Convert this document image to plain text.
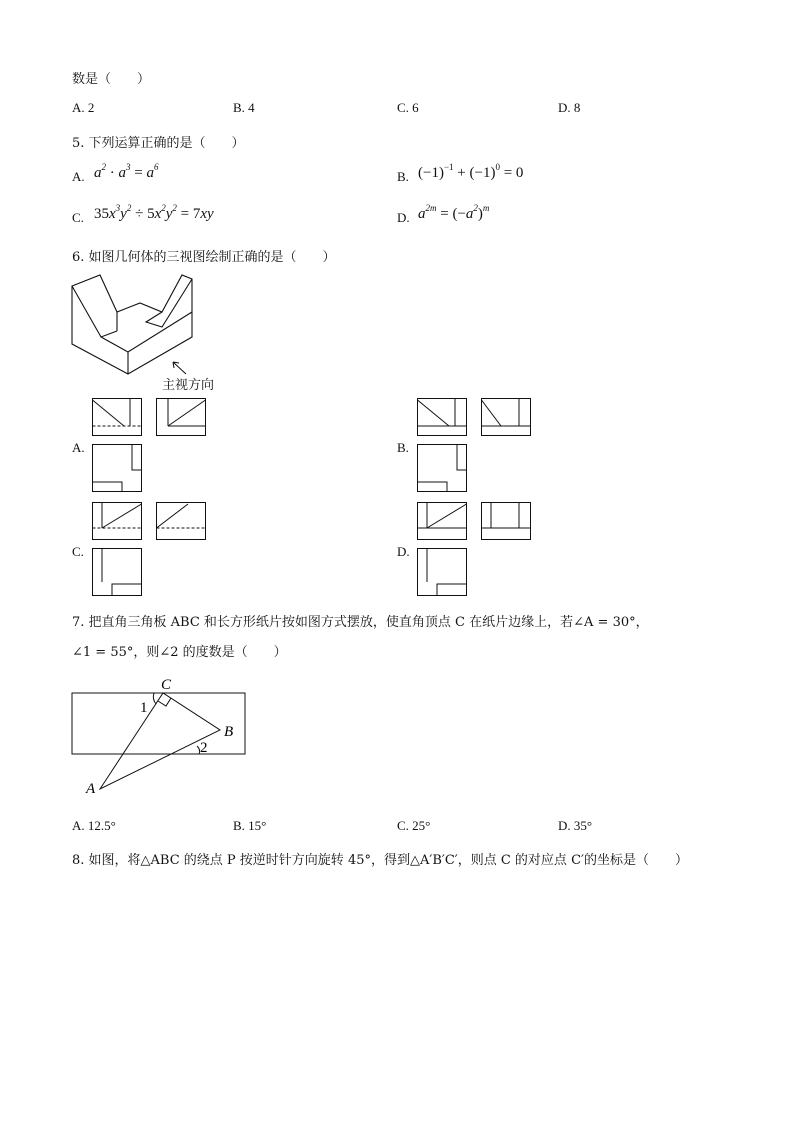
数是（　　）
A. 2	B. 4	C. 6	D. 8
5. 下列运算正确的是（　　）
A. $a^2 \cdot a^3 = a^6$
B. $(-1)^{-1} + (-1)^0 = 0$
C. $35x^3y^2 \div 5x^2y^2 = 7xy$	D. $a^{2m} = (-a^2)^m$
6. 如图几何体的三视图绘制正确的是（　　）
主视方向
A.	B.
C.	D.
7. 把直角三角板 ABC 和长方形纸片按如图方式摆放，使直角顶点 C 在纸片边缘上，若∠A = 30°，
∠1 = 55°，则∠2 的度数是（　　）
C
B
A
1
2
A. 12.5°	B. 15°	C. 25°	D. 35°
8. 如图，将△ABC 的绕点 P 按逆时针方向旋转 45°，得到△A′B′C′，则点 C 的对应点 C′的坐标是（　　）
